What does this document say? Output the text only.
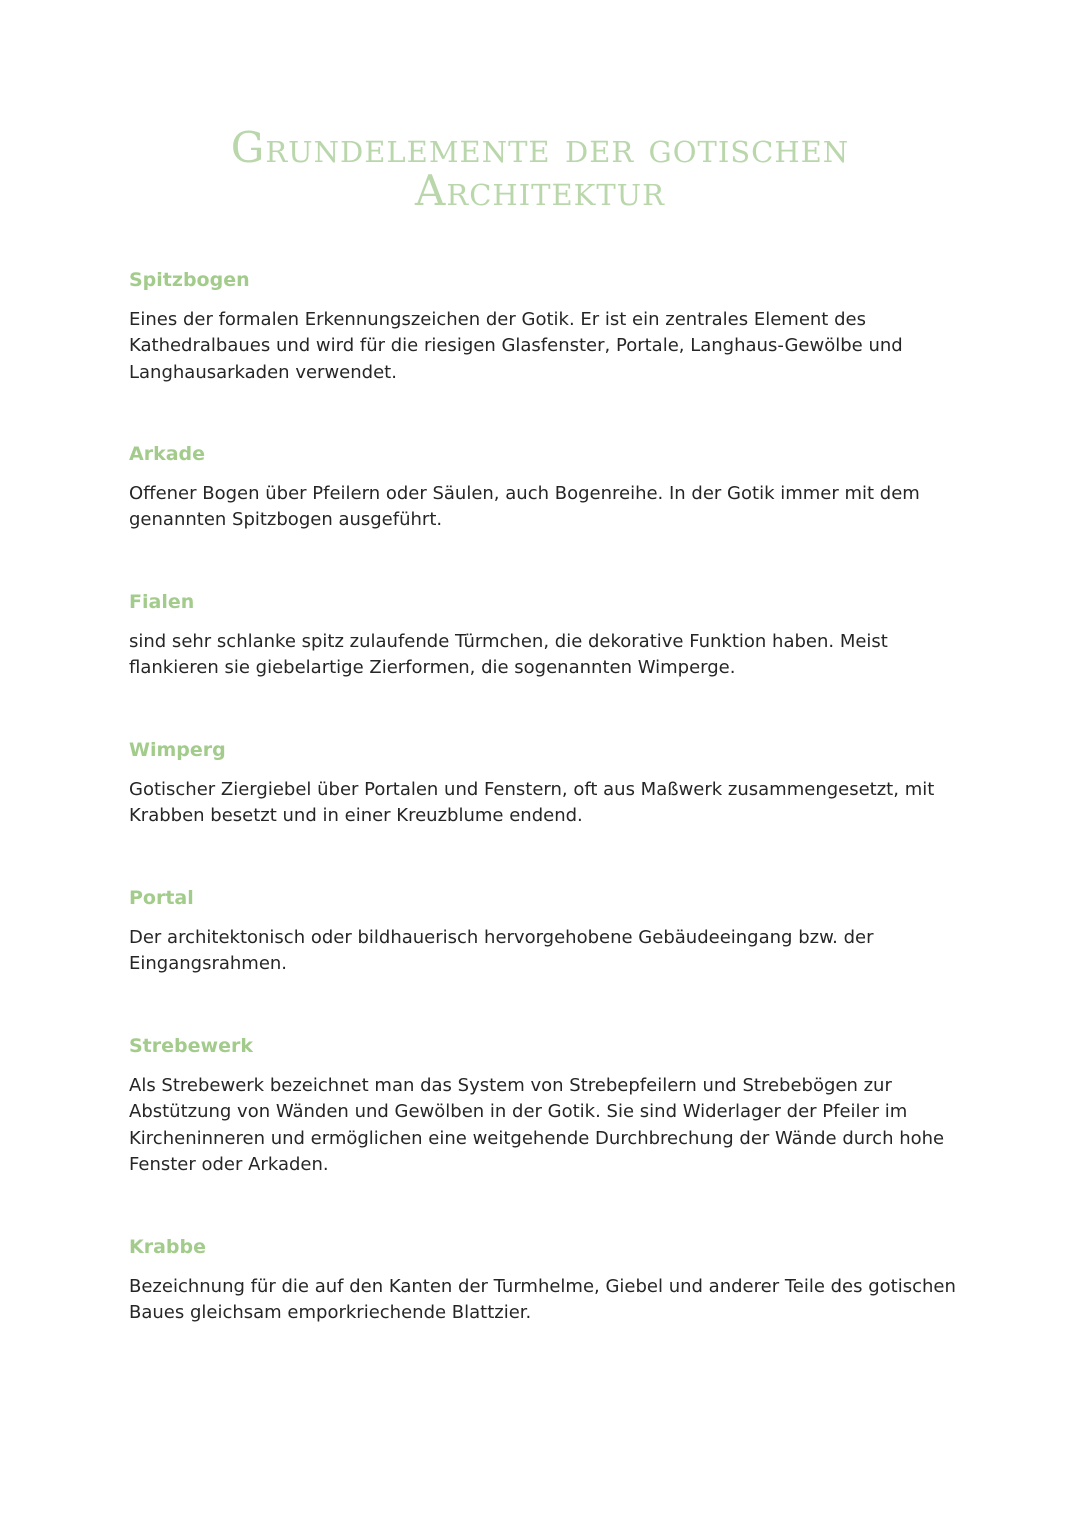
Grundelemente der gotischen
Architektur
Spitzbogen

Eines der formalen Erkennungszeichen der Gotik. Er ist ein zentrales Element des Kathedralbaues und wird für die riesigen Glasfenster, Portale, Langhaus-Gewölbe und Langhausarkaden verwendet.

Arkade

Offener Bogen über Pfeilern oder Säulen, auch Bogenreihe. In der Gotik immer mit dem genannten Spitzbogen ausgeführt.

Fialen

sind sehr schlanke spitz zulaufende Türmchen, die dekorative Funktion haben. Meist flankieren sie giebelartige Zierformen, die sogenannten Wimperge.

Wimperg

Gotischer Ziergiebel über Portalen und Fenstern, oft aus Maßwerk zusammengesetzt, mit Krabben besetzt und in einer Kreuzblume endend.

Portal

Der architektonisch oder bildhauerisch hervorgehobene Gebäudeeingang bzw. der Eingangsrahmen.

Strebewerk

Als Strebewerk bezeichnet man das System von Strebepfeilern und Strebebögen zur Abstützung von Wänden und Gewölben in der Gotik. Sie sind Widerlager der Pfeiler im Kircheninneren und ermöglichen eine weitgehende Durchbrechung der Wände durch hohe Fenster oder Arkaden.

Krabbe

Bezeichnung für die auf den Kanten der Turmhelme, Giebel und anderer Teile des gotischen Baues gleichsam emporkriechende Blattzier.
